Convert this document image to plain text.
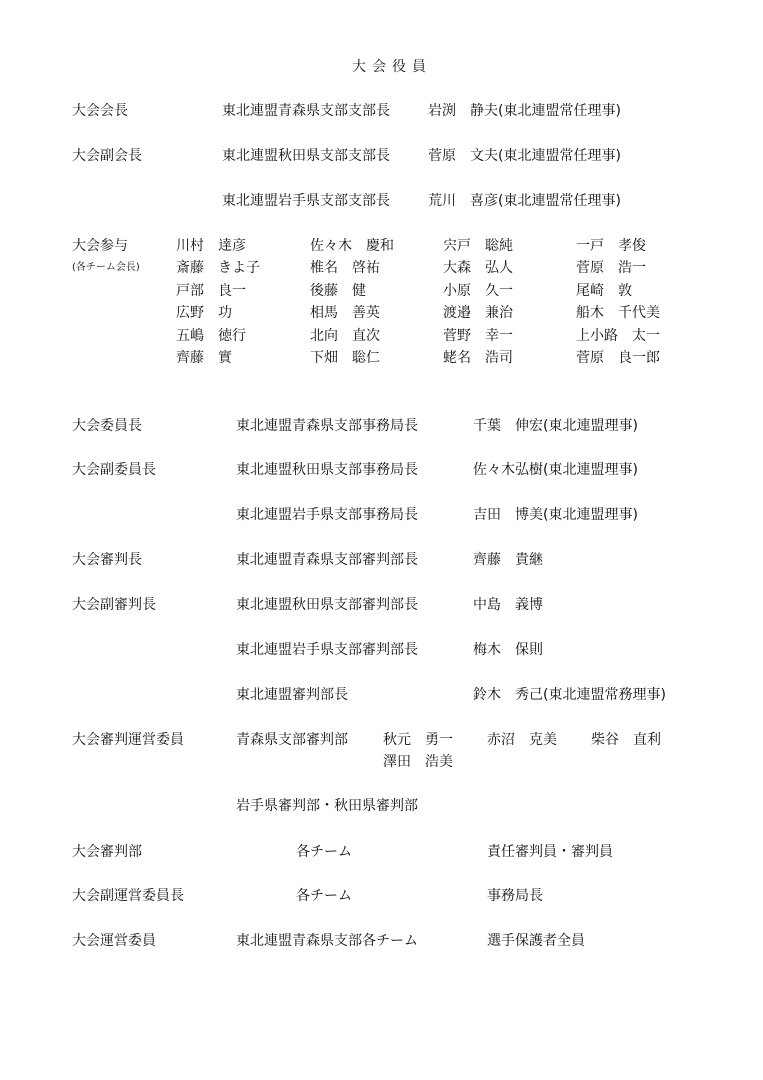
大会役員
大会会長	東北連盟青森県支部支部長	岩渕　静夫(東北連盟常任理事)
大会副会長	東北連盟秋田県支部支部長	菅原　文夫(東北連盟常任理事)
東北連盟岩手県支部支部長	荒川　喜彦(東北連盟常任理事)
大会参与
(各チーム会長)
川村　達彦	佐々木　慶和	宍戸　聡純	一戸　孝俊
斎藤　きよ子	椎名　啓祐	大森　弘人	菅原　浩一
戸部　良一	後藤　健	小原　久一	尾崎　敦
広野　功	相馬　善英	渡邉　兼治	船木　千代美
五嶋　徳行	北向　直次	菅野　幸一	上小路　太一
齊藤　實	下畑　聡仁	蛯名　浩司	菅原　良一郎
大会委員長	東北連盟青森県支部事務局長	千葉　伸宏(東北連盟理事)
大会副委員長	東北連盟秋田県支部事務局長	佐々木弘樹(東北連盟理事)
東北連盟岩手県支部事務局長	吉田　博美(東北連盟理事)
大会審判長	東北連盟青森県支部審判部長	齊藤　貴継
大会副審判長	東北連盟秋田県支部審判部長	中島　義博
東北連盟岩手県支部審判部長	梅木　保則
東北連盟審判部長	鈴木　秀己(東北連盟常務理事)
大会審判運営委員	青森県支部審判部	秋元　勇一 赤沼　克美 柴谷　直利
澤田　浩美
岩手県審判部・秋田県審判部
大会審判部	各チーム	責任審判員・審判員
大会副運営委員長	各チーム	事務局長
大会運営委員	東北連盟青森県支部各チーム	選手保護者全員
